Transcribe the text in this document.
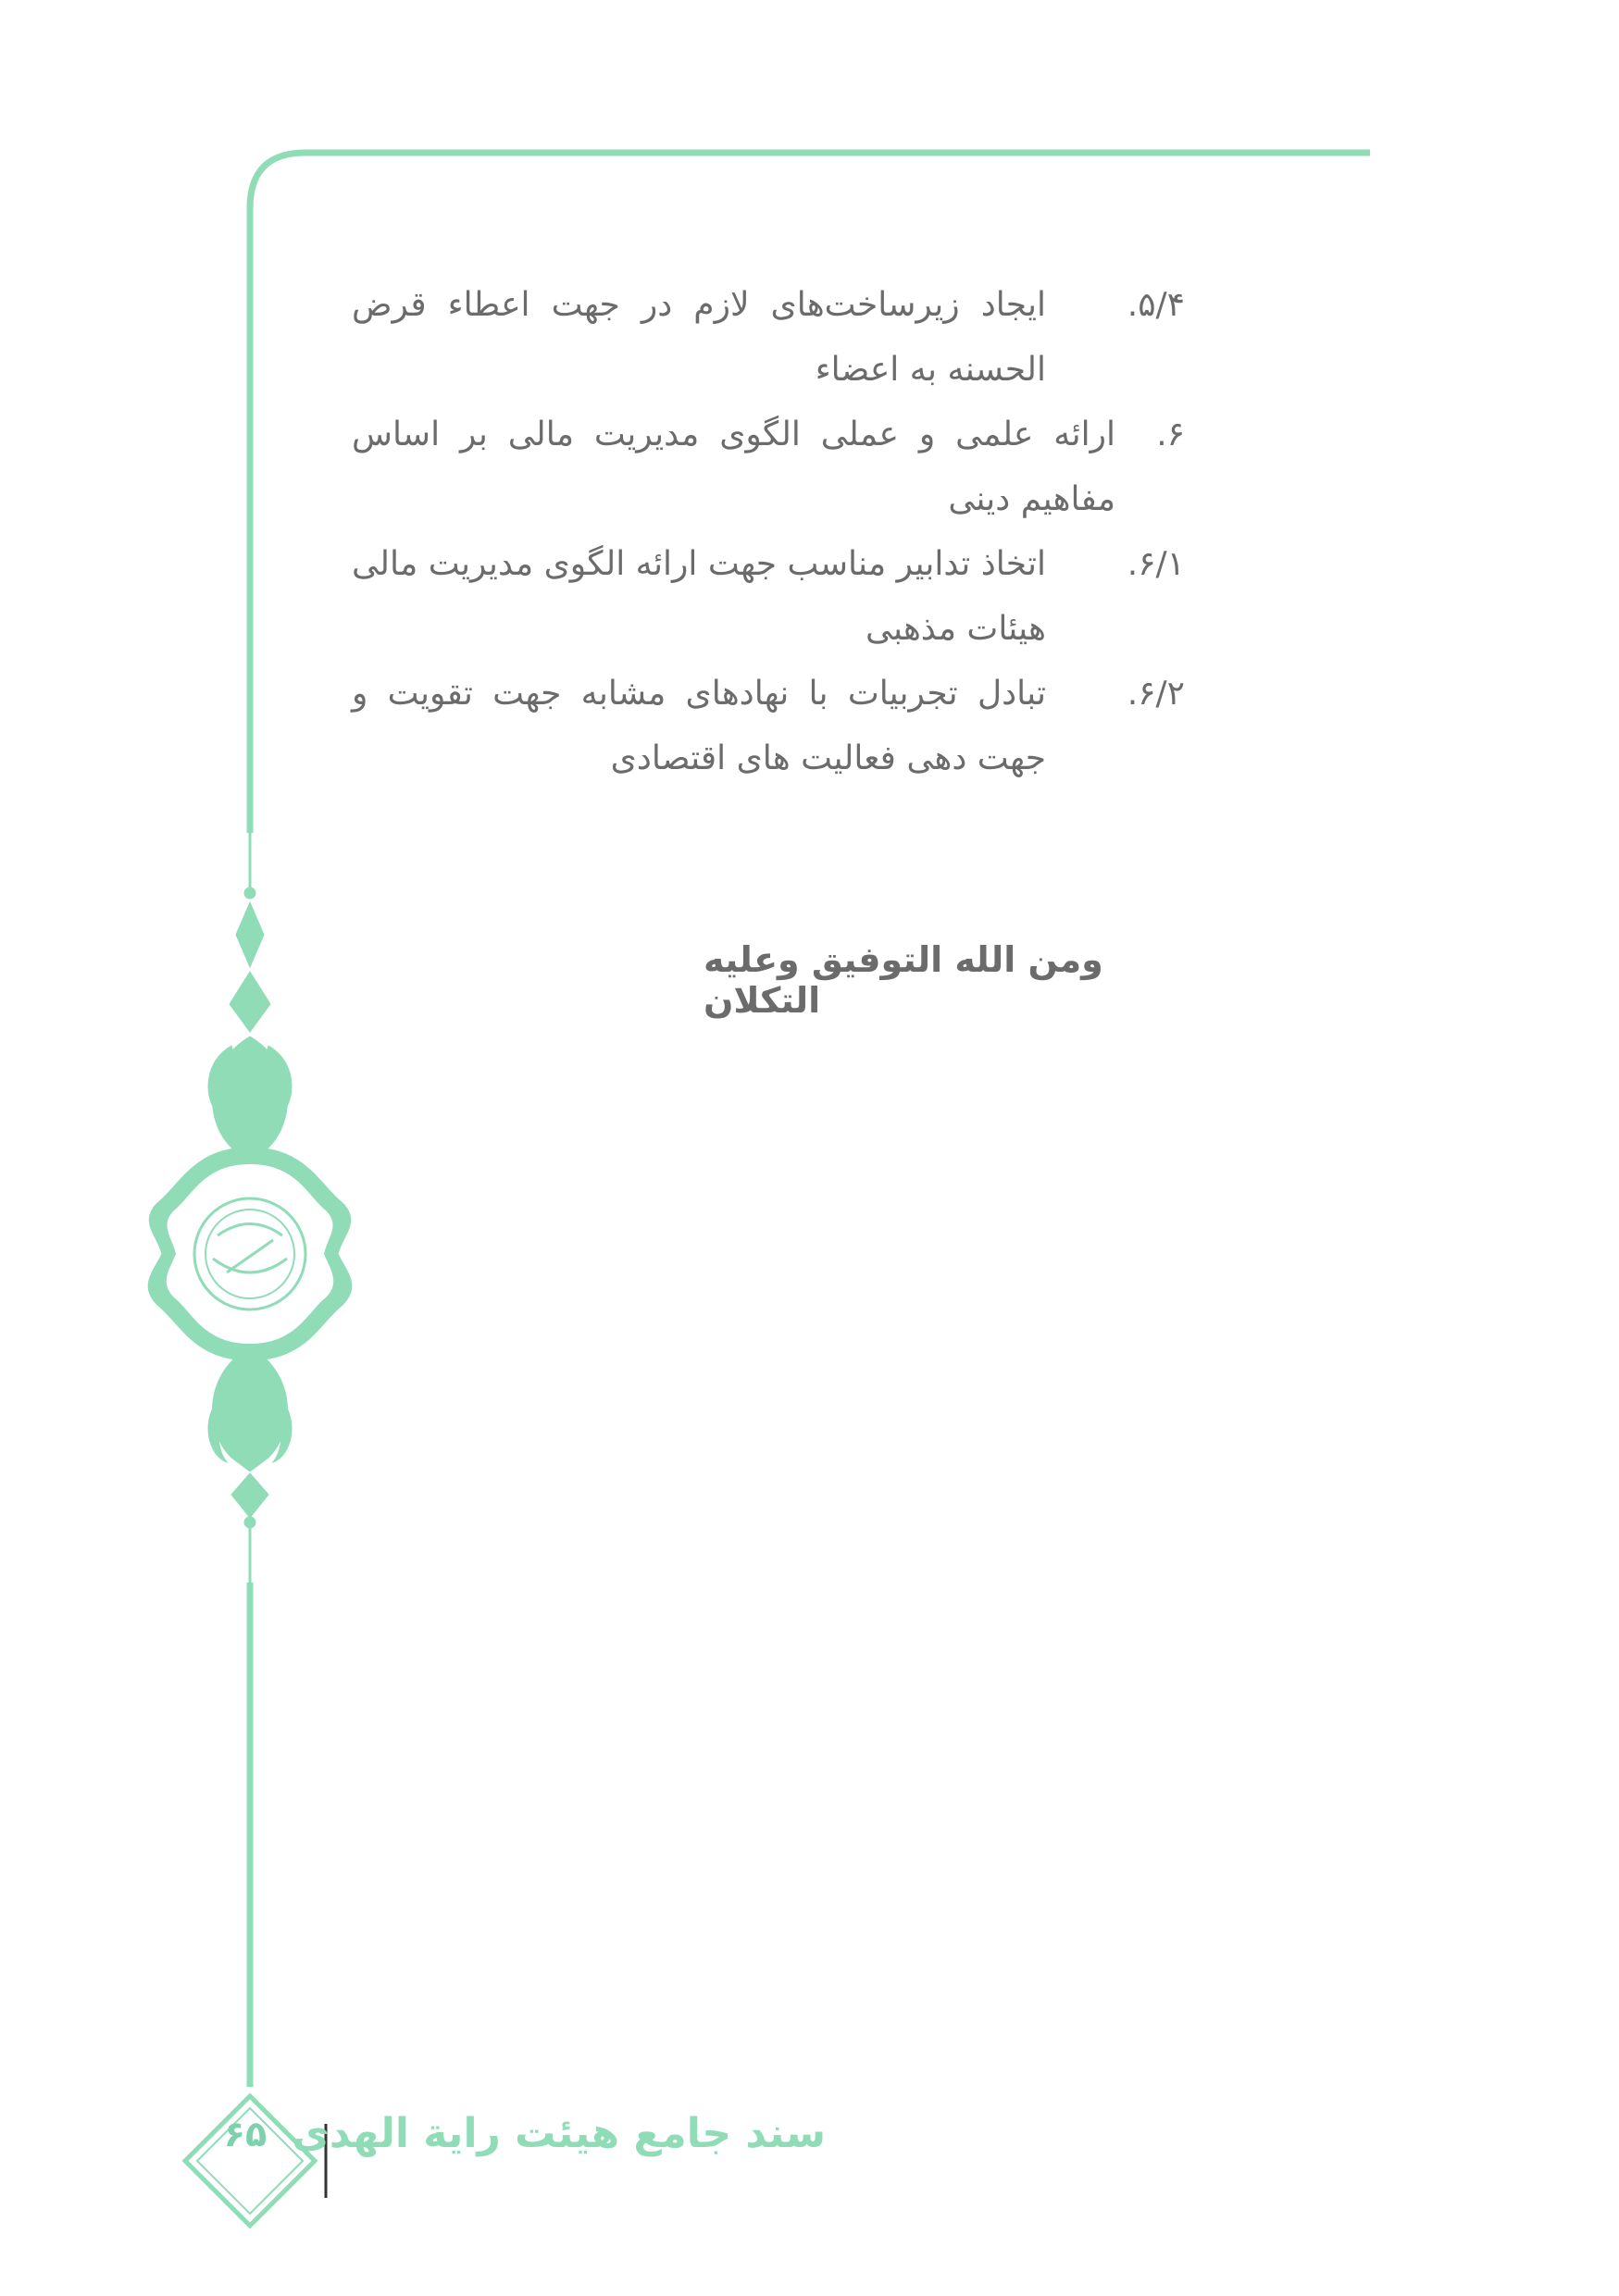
.۵/۴
ایجاد زیرساخت‌های لازم در جهت اعطاء قرض الحسنه به اعضاء
.۶
ارائه علمی و عملی الگوی مدیریت مالی بر اساس مفاهیم دینی
.۶/۱
اتخاذ تدابیر مناسب جهت ارائه الگوی مدیریت مالی هیئات مذهبی
.۶/۲
تبادل تجربیات با نهادهای مشابه جهت تقویت و جهت دهی فعالیت های اقتصادی
ومن الله التوفیق وعلیه التکلان
سند جامع هیئت رایة الهدی
۶۵
